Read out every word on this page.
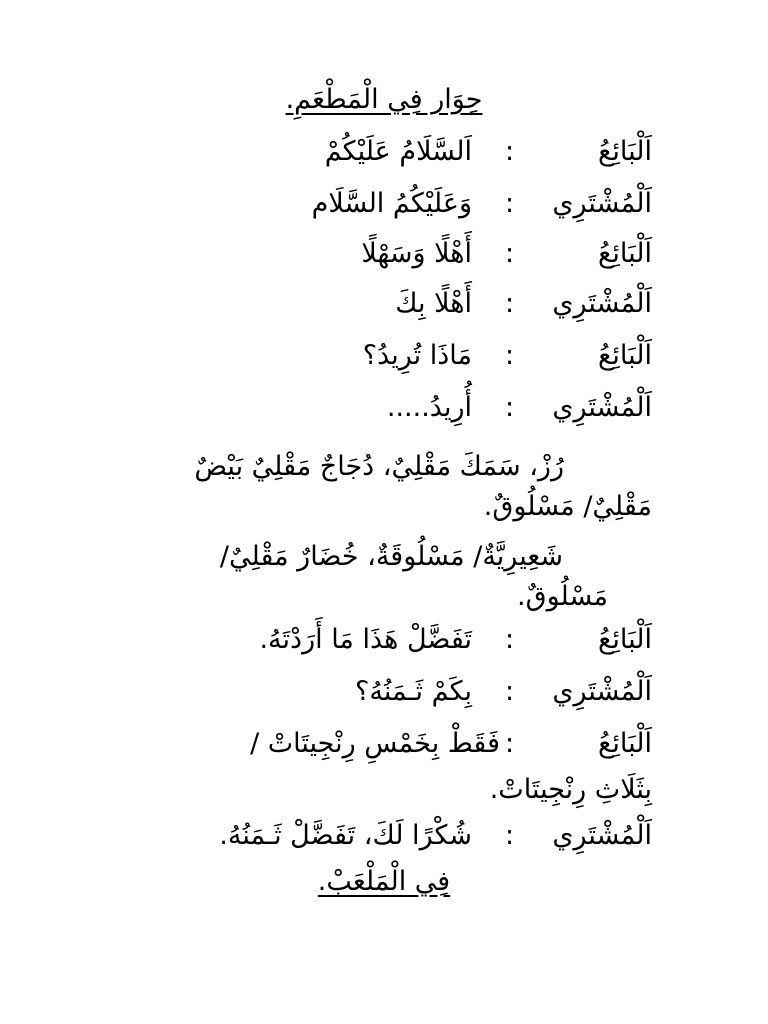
حِوَار فِي الْمَطْعَمِ.
اَلْبَائِعُ
:
اَلسَّلَامُ عَلَيْكُمْ
اَلْمُشْتَرِي
:
وَعَلَيْكُمُ السَّلَام
اَلْبَائِعُ
:
أَهْلًا وَسَهْلًا
اَلْمُشْتَرِي
:
أَهْلًا بِكَ
اَلْبَائِعُ
:
مَاذَا تُرِيدُ؟
اَلْمُشْتَرِي
:
أُرِيدُ.....
رُزْ، سَمَكَ مَقْلِيٌ، دُجَاجٌ مَقْلِيٌ بَيْضٌ
مَقْلِيٌ/ مَسْلُوقٌ.
شَعِيرِيَّةٌ/ مَسْلُوقَةٌ، خُضَارٌ مَقْلِيٌ/
مَسْلُوقٌ.
اَلْبَائِعُ
:
تَفَضَّلْ هَذَا مَا أَرَدْتَهُ.
اَلْمُشْتَرِي
:
بِكَمْ ثَـمَنُهُ؟
اَلْبَائِعُ
:
فَقَطْ بِخَمْسِ رِنْجِيتَاتْ /
بِثَلَاثِ رِنْجِيتَاتْ.
اَلْمُشْتَرِي
:
شُكْرًا لَكَ، تَفَضَّلْ ثَـمَنُهُ.
فِي الْمَلْعَبْ.
